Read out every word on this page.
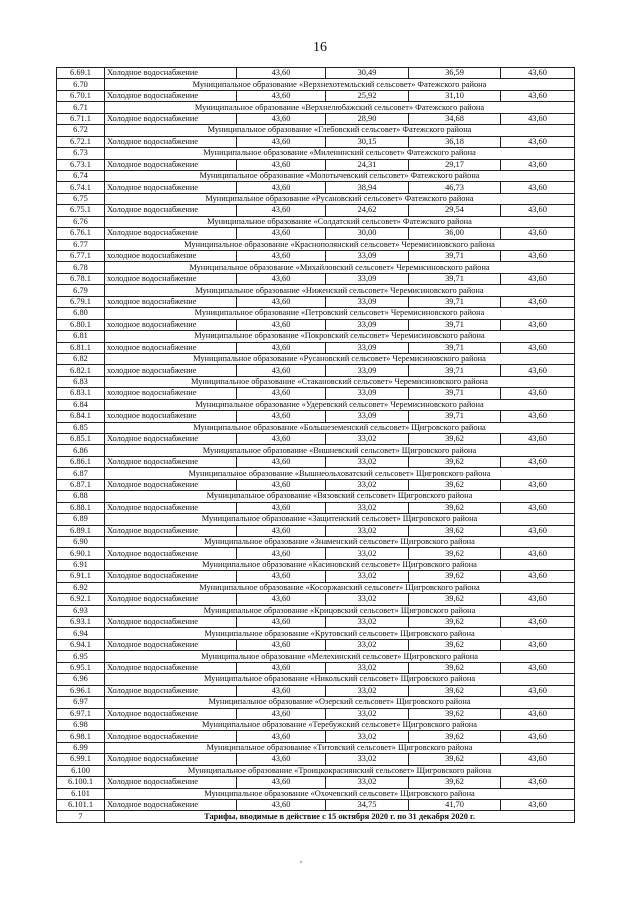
16
6.69.1	Холодное водоснабжение	43,60	30,49	36,59	43,60
6.70	Муниципальное образование «Верхнехотемльский сельсовет» Фатежского района				
6.70.1	Холодное водоснабжение	43,60	25,92	31,10	43,60
6.71	Муниципальное образование «Верхнелюбажский сельсовет» Фатежского района				
6.71.1	Холодное водоснабжение	43,60	28,90	34,68	43,60
6.72	Муниципальное образование «Глебовский сельсовет» Фатежского района				
6.72.1	Холодное водоснабжение	43,60	30,15	36,18	43,60
6.73	Муниципальное образование «Миленинский сельсовет» Фатежского района				
6.73.1	Холодное водоснабжение	43,60	24,31	29,17	43,60
6.74	Муниципальное образование «Молотычевский сельсовет» Фатежского района				
6.74.1	Холодное водоснабжение	43,60	38,94	46,73	43,60
6.75	Муниципальное образование «Русановский сельсовет» Фатежского района				
6.75.1	Холодное водоснабжение	43,60	24,62	29,54	43,60
6.76	Муниципальное образование «Солдатский сельсовет» Фатежского района				
6.76.1	Холодное водоснабжение	43,60	30,00	36,00	43,60
6.77	Муниципальное образование «Краснополянский сельсовет» Черемисиновского района				
6.77.1	холодное водоснабжение	43,60	33,09	39,71	43,60
6.78	Муниципальное образование «Михайловский сельсовет» Черемисиновского района				
6.78.1	холодное водоснабжение	43,60	33,09	39,71	43,60
6.79	Муниципальное образование «Ниженский сельсовет» Черемисиновского района				
6.79.1	холодное водоснабжение	43,60	33,09	39,71	43,60
6.80	Муниципальное образование «Петровский сельсовет» Черемисиновского района				
6.80.1	холодное водоснабжение	43,60	33,09	39,71	43,60
6.81	Муниципальное образование «Покровский сельсовет» Черемисиновского района				
6.81.1	холодное водоснабжение	43,60	33,09	39,71	43,60
6.82	Муниципальное образование «Русановский сельсовет» Черемисиновского района				
6.82.1	холодное водоснабжение	43,60	33,09	39,71	43,60
6.83	Муниципальное образование «Стакановский сельсовет» Черемисиновского района				
6.83.1	холодное водоснабжение	43,60	33,09	39,71	43,60
6.84	Муниципальное образование «Удеревский сельсовет» Черемисиновского района				
6.84.1	холодное водоснабжение	43,60	33,09	39,71	43,60
6.85	Муниципальное образование «Большеземенский сельсовет» Щигровского района				
6.85.1	Холодное водоснабжение	43,60	33,02	39,62	43,60
6.86	Муниципальное образование «Вишневский сельсовет» Щигровского района				
6.86.1	Холодное водоснабжение	43,60	33,02	39,62	43,60
6.87	Муниципальное образование «Вышнеольховатский сельсовет» Щигровского района				
6.87.1	Холодное водоснабжение	43,60	33,02	39,62	43,60
6.88	Муниципальное образование «Вязовский сельсовет» Щигровского района				
6.88.1	Холодное водоснабжение	43,60	33,02	39,62	43,60
6.89	Муниципальное образование «Защитенский сельсовет» Щигровского района				
6.89.1	Холодное водоснабжение	43,60	33,02	39,62	43,60
6.90	Муниципальное образование «Знаменский сельсовет» Щигровского района				
6.90.1	Холодное водоснабжение	43,60	33,02	39,62	43,60
6.91	Муниципальное образование «Касиновский сельсовет» Щигровского района				
6.91.1	Холодное водоснабжение	43,60	33,02	39,62	43,60
6.92	Муниципальное образование «Косоржанский сельсовет» Щигровского района				
6.92.1	Холодное водоснабжение	43,60	33,02	39,62	43,60
6.93	Муниципальное образование «Крицовский сельсовет» Щигровского района				
6.93.1	Холодное водоснабжение	43,60	33,02	39,62	43,60
6.94	Муниципальное образование «Крутовский сельсовет» Щигровского района				
6.94.1	Холодное водоснабжение	43,60	33,02	39,62	43,60
6.95	Муниципальное образование «Мелехинский сельсовет» Щигровского района				
6.95.1	Холодное водоснабжение	43,60	33,02	39,62	43,60
6.96	Муниципальное образование «Никольский сельсовет» Щигровского района				
6.96.1	Холодное водоснабжение	43,60	33,02	39,62	43,60
6.97	Муниципальное образование «Озерский сельсовет» Щигровского района				
6.97.1	Холодное водоснабжение	43,60	33,02	39,62	43,60
6.98	Муниципальное образование «Теребужский сельсовет» Щигровского района				
6.98.1	Холодное водоснабжение	43,60	33,02	39,62	43,60
6.99	Муниципальное образование «Титовский сельсовет» Щигровского района				
6.99.1	Холодное водоснабжение	43,60	33,02	39,62	43,60
6.100	Муниципальное образование «Троицкокраснянский сельсовет» Щигровского района				
6.100.1	Холодное водоснабжение	43,60	33,02	39,62	43,60
6.101	Муниципальное образование «Охочевский сельсовет» Щигровского района				
6.101.1	Холодное водоснабжение	43,60	34,75	41,70	43,60
7	Тарифы, вводимые в действие с 15 октября 2020 г. по 31 декабря 2020 г.				
,
